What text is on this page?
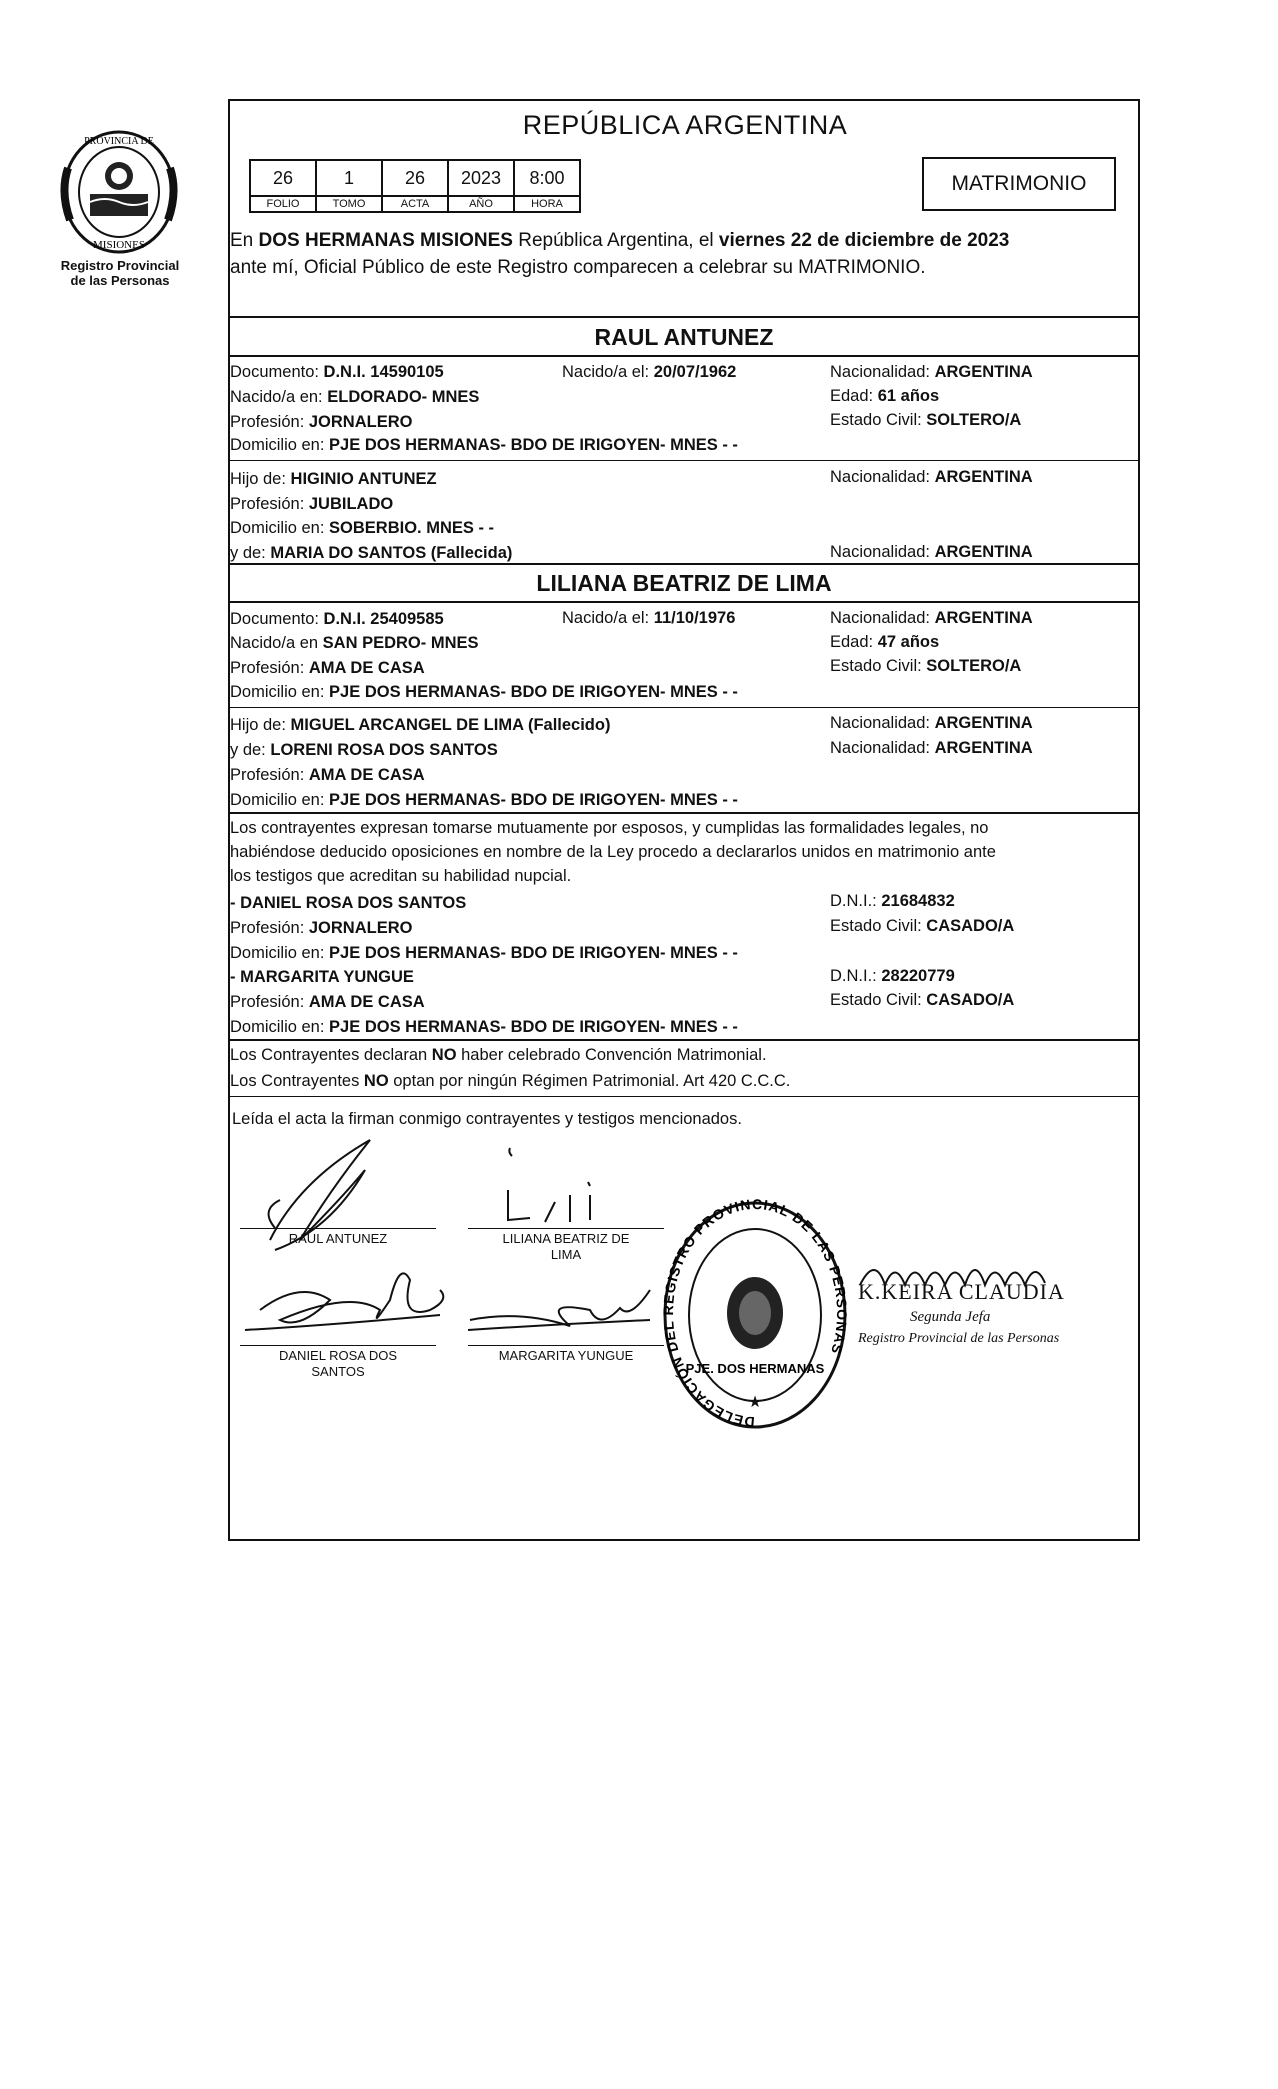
PROVINCIA DE
MISIONES
Registro Provincial
de las Personas
REPÚBLICA ARGENTINA
26	1	26	2023	8:00
FOLIO	TOMO	ACTA	AÑO	HORA
MATRIMONIO
En DOS HERMANAS MISIONES República Argentina, el viernes 22 de diciembre de 2023
ante mí, Oficial Público de este Registro comparecen a celebrar su MATRIMONIO.
RAUL ANTUNEZ
Documento: D.N.I. 14590105	Nacido/a el: 20/07/1962	Nacionalidad: ARGENTINA
Nacido/a en: ELDORADO- MNES	Edad: 61 años
Profesión: JORNALERO	Estado Civil: SOLTERO/A
Domicilio en: PJE DOS HERMANAS- BDO DE IRIGOYEN- MNES - -
Hijo de: HIGINIO ANTUNEZ	Nacionalidad: ARGENTINA
Profesión: JUBILADO
Domicilio en: SOBERBIO. MNES - -
y de: MARIA DO SANTOS (Fallecida)	Nacionalidad: ARGENTINA
LILIANA BEATRIZ DE LIMA
Documento: D.N.I. 25409585	Nacido/a el: 11/10/1976	Nacionalidad: ARGENTINA
Nacido/a en SAN PEDRO- MNES	Edad: 47 años
Profesión: AMA DE CASA	Estado Civil: SOLTERO/A
Domicilio en: PJE DOS HERMANAS- BDO DE IRIGOYEN- MNES - -
Hijo de: MIGUEL ARCANGEL DE LIMA (Fallecido)	Nacionalidad: ARGENTINA
y de: LORENI ROSA DOS SANTOS	Nacionalidad: ARGENTINA
Profesión: AMA DE CASA
Domicilio en: PJE DOS HERMANAS- BDO DE IRIGOYEN- MNES - -
Los contrayentes expresan tomarse mutuamente por esposos, y cumplidas las formalidades legales, no
habiéndose deducido oposiciones en nombre de la Ley procedo a declararlos unidos en matrimonio ante
los testigos que acreditan su habilidad nupcial.
- DANIEL ROSA DOS SANTOS	D.N.I.: 21684832
Profesión: JORNALERO	Estado Civil: CASADO/A
Domicilio en: PJE DOS HERMANAS- BDO DE IRIGOYEN- MNES - -
- MARGARITA YUNGUE	D.N.I.: 28220779
Profesión: AMA DE CASA	Estado Civil: CASADO/A
Domicilio en: PJE DOS HERMANAS- BDO DE IRIGOYEN- MNES - -
Los Contrayentes declaran NO haber celebrado Convención Matrimonial.
Los Contrayentes NO optan por ningún Régimen Patrimonial. Art 420 C.C.C.
Leída el acta la firman conmigo contrayentes y testigos mencionados.
RAUL ANTUNEZ	LILIANA BEATRIZ DE
LIMA
DANIEL ROSA DOS
SANTOS
MARGARITA YUNGUE
DELEGACIÓN DEL REGISTRO PROVINCIAL DE LAS PERSONAS
PJE. DOS HERMANAS
★
K.KEIRA CLAUDIA
Segunda Jefa
Registro Provincial de las Personas
